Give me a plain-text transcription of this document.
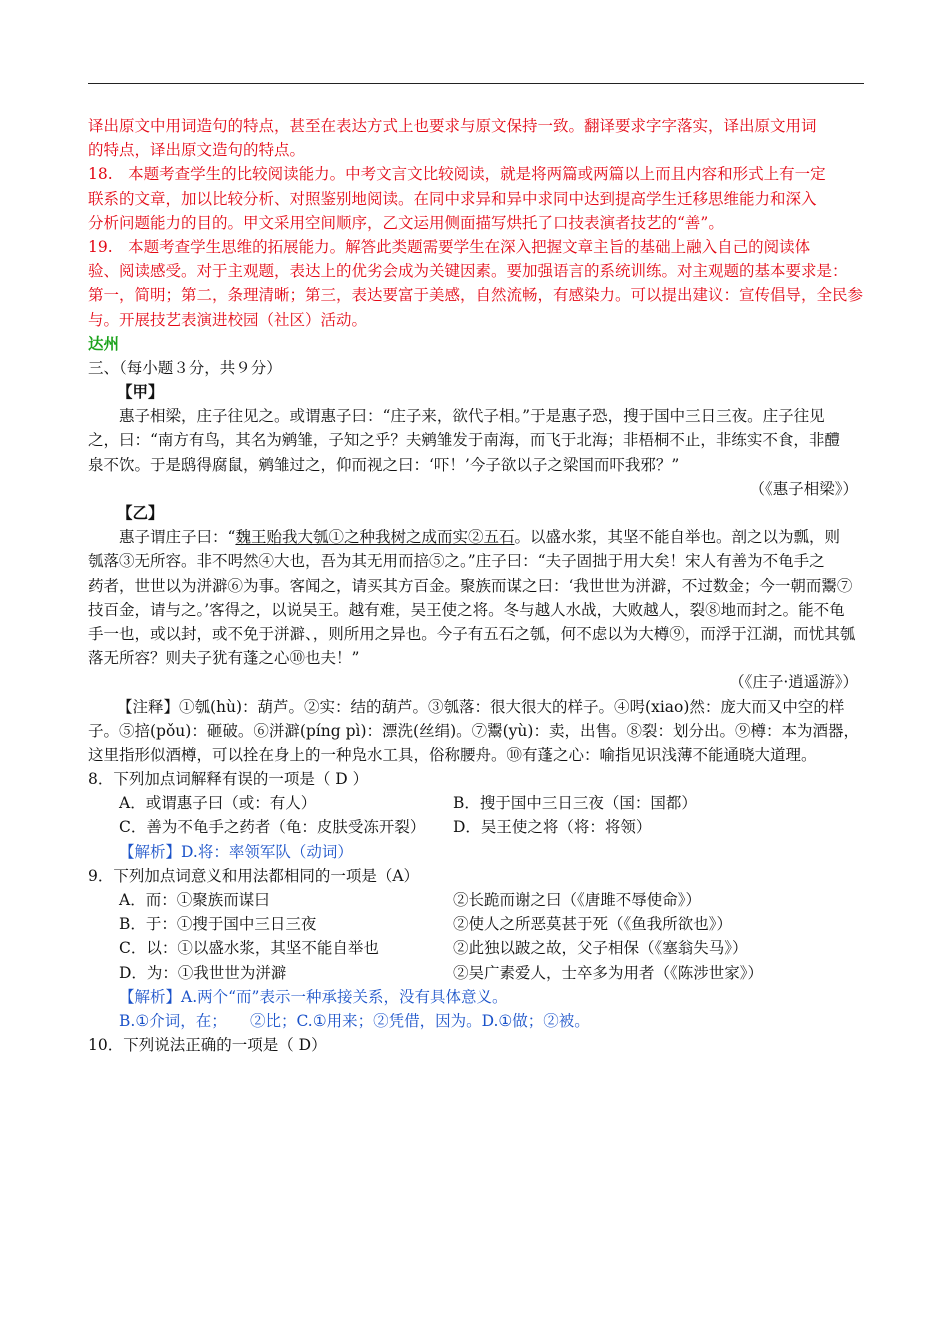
译出原文中用词造句的特点，甚至在表达方式上也要求与原文保持一致。翻译要求字字落实，译出原文用词
的特点，译出原文造句的特点。
18.　本题考查学生的比较阅读能力。中考文言文比较阅读，就是将两篇或两篇以上而且内容和形式上有一定
联系的文章，加以比较分析、对照鉴别地阅读。在同中求异和异中求同中达到提高学生迁移思维能力和深入
分析问题能力的目的。甲文采用空间顺序，乙文运用侧面描写烘托了口技表演者技艺的“善”。
19.　本题考查学生思维的拓展能力。解答此类题需要学生在深入把握文章主旨的基础上融入自己的阅读体
验、阅读感受。对于主观题，表达上的优劣会成为关键因素。要加强语言的系统训练。对主观题的基本要求是：
第一，简明；第二，条理清晰；第三，表达要富于美感，自然流畅，有感染力。可以提出建议：宣传倡导，全民参
与。开展技艺表演进校园（社区）活动。
达州
三、（每小题３分，共９分）
【甲】
惠子相梁，庄子往见之。或谓惠子曰：“庄子来，欲代子相。”于是惠子恐，搜于国中三日三夜。庄子往见
之，曰：“南方有鸟，其名为鹓雏，子知之乎？夫鹓雏发于南海，而飞于北海；非梧桐不止，非练实不食，非醴
泉不饮。于是鸱得腐鼠，鹓雏过之，仰而视之曰：‘吓！’今子欲以子之梁国而吓我邪？”
（《惠子相梁》）
【乙】
惠子谓庄子曰：“魏王贻我大瓠①之种我树之成而实②五石。以盛水浆，其坚不能自举也。剖之以为瓢，则
瓠落③无所容。非不呺然④大也，吾为其无用而掊⑤之。”庄子曰：“夫子固拙于用大矣！宋人有善为不龟手之
药者，世世以为洴澼⑥为事。客闻之，请买其方百金。聚族而谋之曰：‘我世世为洴澼，不过数金；今一朝而鬻⑦
技百金，请与之。’客得之，以说吴王。越有难，吴王使之将。冬与越人水战，大败越人，裂⑧地而封之。能不龟
手一也，或以封，或不免于洴澼、，则所用之异也。今子有五石之瓠，何不虑以为大樽⑨，而浮于江湖，而忧其瓠
落无所容？则夫子犹有蓬之心⑩也夫！”
（《庄子·逍遥游》）
【注释】①瓠(hù)：葫芦。②实：结的葫芦。③瓠落：很大很大的样子。④呺(xiao)然：庞大而又中空的样
子。⑤掊(pǒu)：砸破。⑥洴澼(píng pì)：漂洗(丝绢)。⑦鬻(yù)：卖，出售。⑧裂：划分出。⑨樽：本为酒器，
这里指形似酒樽，可以拴在身上的一种凫水工具，俗称腰舟。⑩有蓬之心：喻指见识浅薄不能通晓大道理。
8．下列加点词解释有误的一项是（ D ）
A．或谓惠子曰（或：有人）	B．搜于国中三日三夜（国：国都）
C．善为不龟手之药者（龟：皮肤受冻开裂） D．吴王使之将（将：将领）
【解析】D.将：率领军队（动词）
9．下列加点词意义和用法都相同的一项是（A）
A．而：①聚族而谋曰	②长跪而谢之曰（《唐雎不辱使命》）
B．于：①搜于国中三日三夜	②使人之所恶莫甚于死（《鱼我所欲也》）
C．以：①以盛水浆，其坚不能自举也	②此独以跛之故，父子相保（《塞翁失马》）
D．为：①我世世为洴澼	②吴广素爱人，士卒多为用者（《陈涉世家》）
【解析】A.两个“而”表示一种承接关系，没有具体意义。
B.①介词，在；　　②比；C.①用来；②凭借，因为。D.①做；②被。
10．下列说法正确的一项是（ D）
